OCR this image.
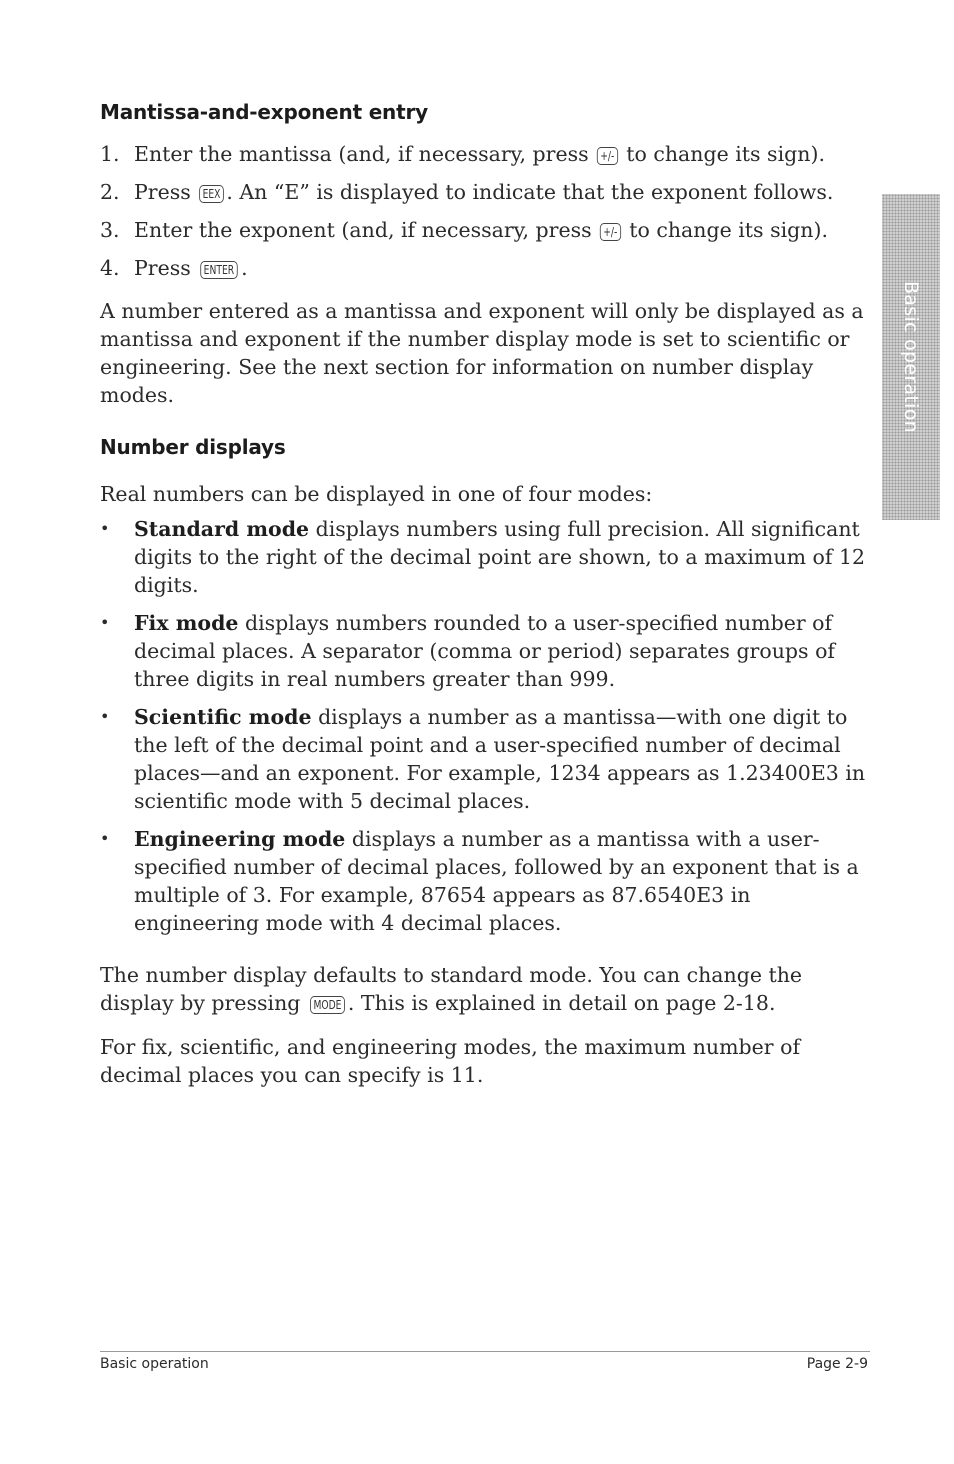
Mantissa-and-exponent entry
1. Enter the mantissa (and, if necessary, press +/- to change its sign).
2. Press EEX . An “E” is displayed to indicate that the exponent follows.
3. Enter the exponent (and, if necessary, press +/- to change its sign).
4. Press ENTER .

A number entered as a mantissa and exponent will only be displayed as a mantissa and exponent if the number display mode is set to scientific or engineering. See the next section for information on number display modes.

Number displays

Real numbers can be displayed in one of four modes:

• Standard mode displays numbers using full precision. All significant digits to the right of the decimal point are shown, to a maximum of 12 digits.
• Fix mode displays numbers rounded to a user-specified number of decimal places. A separator (comma or period) separates groups of three digits in real numbers greater than 999.
• Scientific mode displays a number as a mantissa—with one digit to the left of the decimal point and a user-specified number of decimal places—and an exponent. For example, 1234 appears as 1.23400E3 in scientific mode with 5 decimal places.
• Engineering mode displays a number as a mantissa with a user-specified number of decimal places, followed by an exponent that is a multiple of 3. For example, 87654 appears as 87.6540E3 in engineering mode with 4 decimal places.

The number display defaults to standard mode. You can change the display by pressing MODE . This is explained in detail on page 2-18.

For fix, scientific, and engineering modes, the maximum number of decimal places you can specify is 11.

Basic operation
Basic operation	Page 2-9
